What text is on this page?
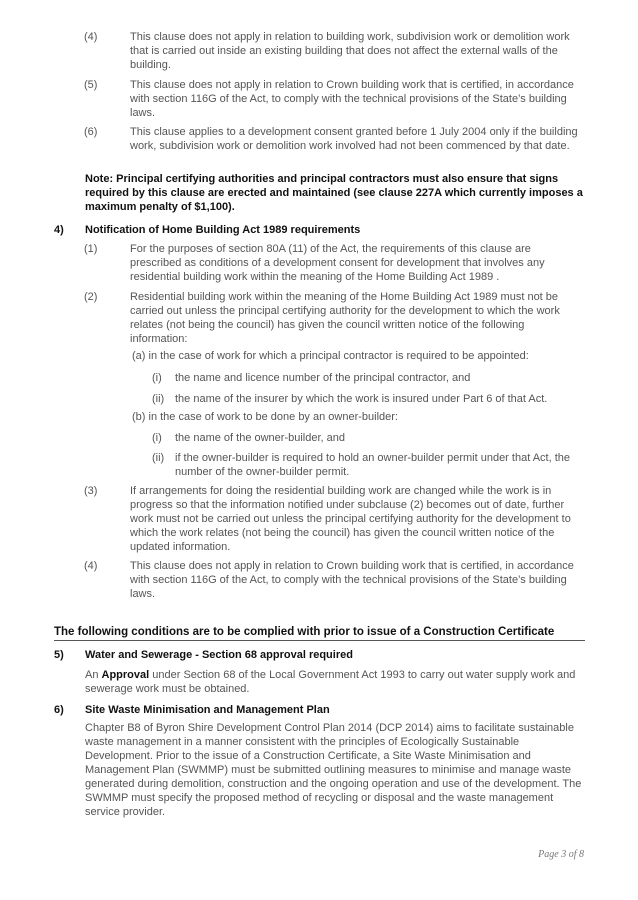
(4)	This clause does not apply in relation to building work, subdivision work or demolition work that is carried out inside an existing building that does not affect the external walls of the building.
(5)	This clause does not apply in relation to Crown building work that is certified, in accordance with section 116G of the Act, to comply with the technical provisions of the State’s building laws.
(6)	This clause applies to a development consent granted before 1 July 2004 only if the building work, subdivision work or demolition work involved had not been commenced by that date.
Note: Principal certifying authorities and principal contractors must also ensure that signs required by this clause are erected and maintained (see clause 227A which currently imposes a maximum penalty of $1,100).
4) Notification of Home Building Act 1989 requirements
(1)	For the purposes of section 80A (11) of the Act, the requirements of this clause are prescribed as conditions of a development consent for development that involves any residential building work within the meaning of the Home Building Act 1989 .
(2)	Residential building work within the meaning of the Home Building Act 1989 must not be carried out unless the principal certifying authority for the development to which the work relates (not being the council) has given the council written notice of the following information:
(a) in the case of work for which a principal contractor is required to be appointed:
(i)	the name and licence number of the principal contractor, and
(ii) the name of the insurer by which the work is insured under Part 6 of that Act.
(b) in the case of work to be done by an owner-builder:
(i)	the name of the owner-builder, and
(ii) if the owner-builder is required to hold an owner-builder permit under that Act, the number of the owner-builder permit.
(3)	If arrangements for doing the residential building work are changed while the work is in progress so that the information notified under subclause (2) becomes out of date, further work must not be carried out unless the principal certifying authority for the development to which the work relates (not being the council) has given the council written notice of the updated information.
(4)	This clause does not apply in relation to Crown building work that is certified, in accordance with section 116G of the Act, to comply with the technical provisions of the State’s building laws.
The following conditions are to be complied with prior to issue of a Construction Certificate
5) Water and Sewerage - Section 68 approval required
An Approval under Section 68 of the Local Government Act 1993 to carry out water supply work and sewerage work must be obtained.
6) Site Waste Minimisation and Management Plan
Chapter B8 of Byron Shire Development Control Plan 2014 (DCP 2014) aims to facilitate sustainable waste management in a manner consistent with the principles of Ecologically Sustainable Development. Prior to the issue of a Construction Certificate, a Site Waste Minimisation and Management Plan (SWMMP) must be submitted outlining measures to minimise and manage waste generated during demolition, construction and the ongoing operation and use of the development. The SWMMP must specify the proposed method of recycling or disposal and the waste management service provider.
Page 3 of 8
